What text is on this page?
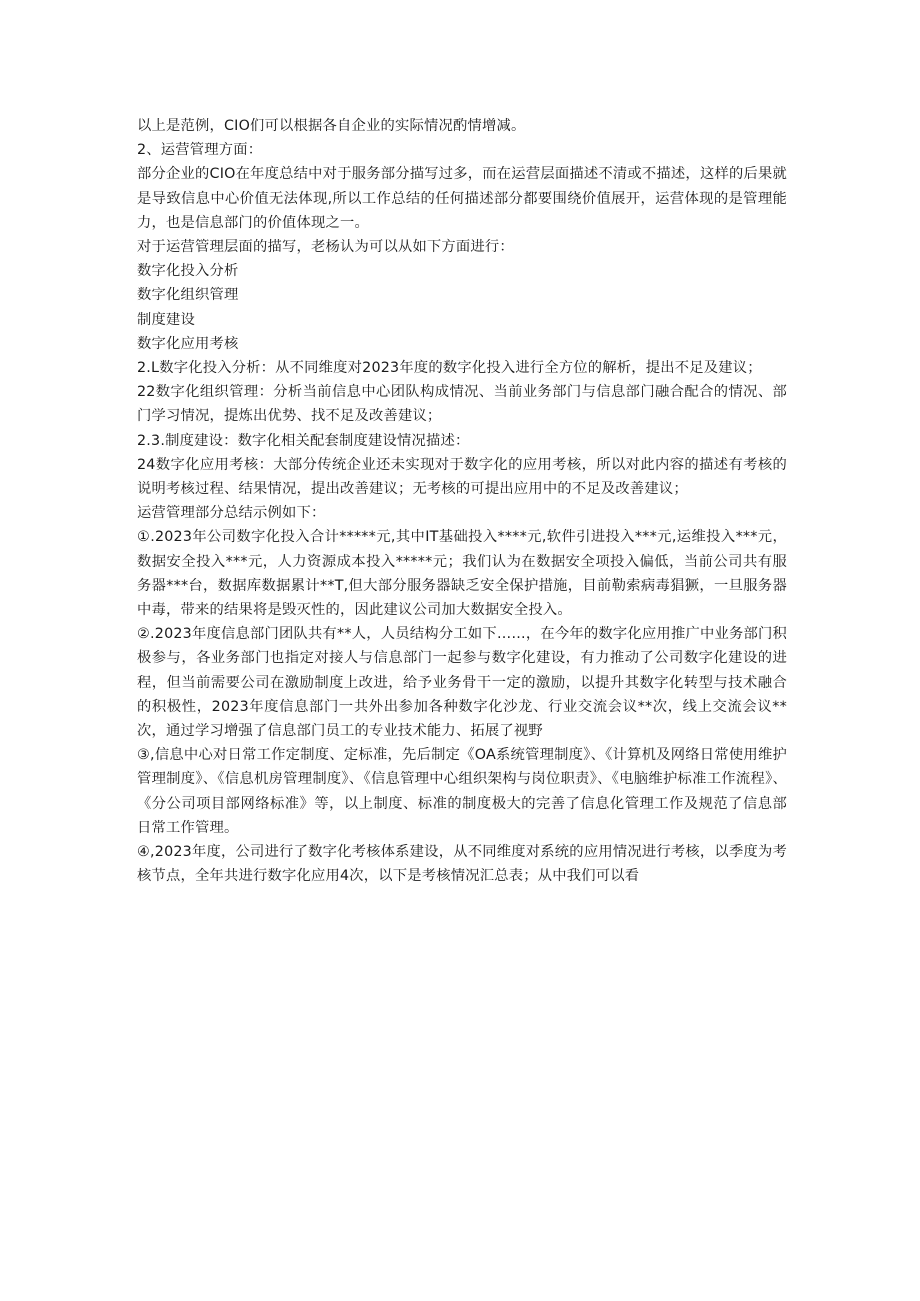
以上是范例，CIO们可以根据各自企业的实际情况酌情增减。

2、运营管理方面：

部分企业的CIO在年度总结中对于服务部分描写过多，而在运营层面描述不清或不描述，这样的后果就是导致信息中心价值无法体现,所以工作总结的任何描述部分都要围绕价值展开，运营体现的是管理能力，也是信息部门的价值体现之一。

对于运营管理层面的描写，老杨认为可以从如下方面进行：

数字化投入分析

数字化组织管理

制度建设

数字化应用考核

2.L数字化投入分析：从不同维度对2023年度的数字化投入进行全方位的解析，提出不足及建议；

22数字化组织管理：分析当前信息中心团队构成情况、当前业务部门与信息部门融合配合的情况、部门学习情况，提炼出优势、找不足及改善建议；

2.3.制度建设：数字化相关配套制度建设情况描述：

24数字化应用考核：大部分传统企业还未实现对于数字化的应用考核，所以对此内容的描述有考核的说明考核过程、结果情况，提出改善建议；无考核的可提出应用中的不足及改善建议；

运营管理部分总结示例如下：

①.2023年公司数字化投入合计*****元,其中IT基础投入****元,软件引进投入***元,运维投入***元，数据安全投入***元，人力资源成本投入*****元；我们认为在数据安全项投入偏低，当前公司共有服务器***台，数据库数据累计**T,但大部分服务器缺乏安全保护措施，目前勒索病毒猖獗，一旦服务器中毒，带来的结果将是毁灭性的，因此建议公司加大数据安全投入。

②.2023年度信息部门团队共有**人，人员结构分工如下……，在今年的数字化应用推广中业务部门积极参与，各业务部门也指定对接人与信息部门一起参与数字化建设，有力推动了公司数字化建设的进程，但当前需要公司在激励制度上改进，给予业务骨干一定的激励，以提升其数字化转型与技术融合的积极性，2023年度信息部门一共外出参加各种数字化沙龙、行业交流会议**次，线上交流会议**次，通过学习增强了信息部门员工的专业技术能力、拓展了视野

③,信息中心对日常工作定制度、定标准，先后制定《OA系统管理制度》、《计算机及网络日常使用维护管理制度》、《信息机房管理制度》、《信息管理中心组织架构与岗位职责》、《电脑维护标准工作流程》、《分公司项目部网络标准》等，以上制度、标准的制度极大的完善了信息化管理工作及规范了信息部日常工作管理。

④,2023年度，公司进行了数字化考核体系建设，从不同维度对系统的应用情况进行考核，以季度为考核节点，全年共进行数字化应用4次，以下是考核情况汇总表；从中我们可以看
